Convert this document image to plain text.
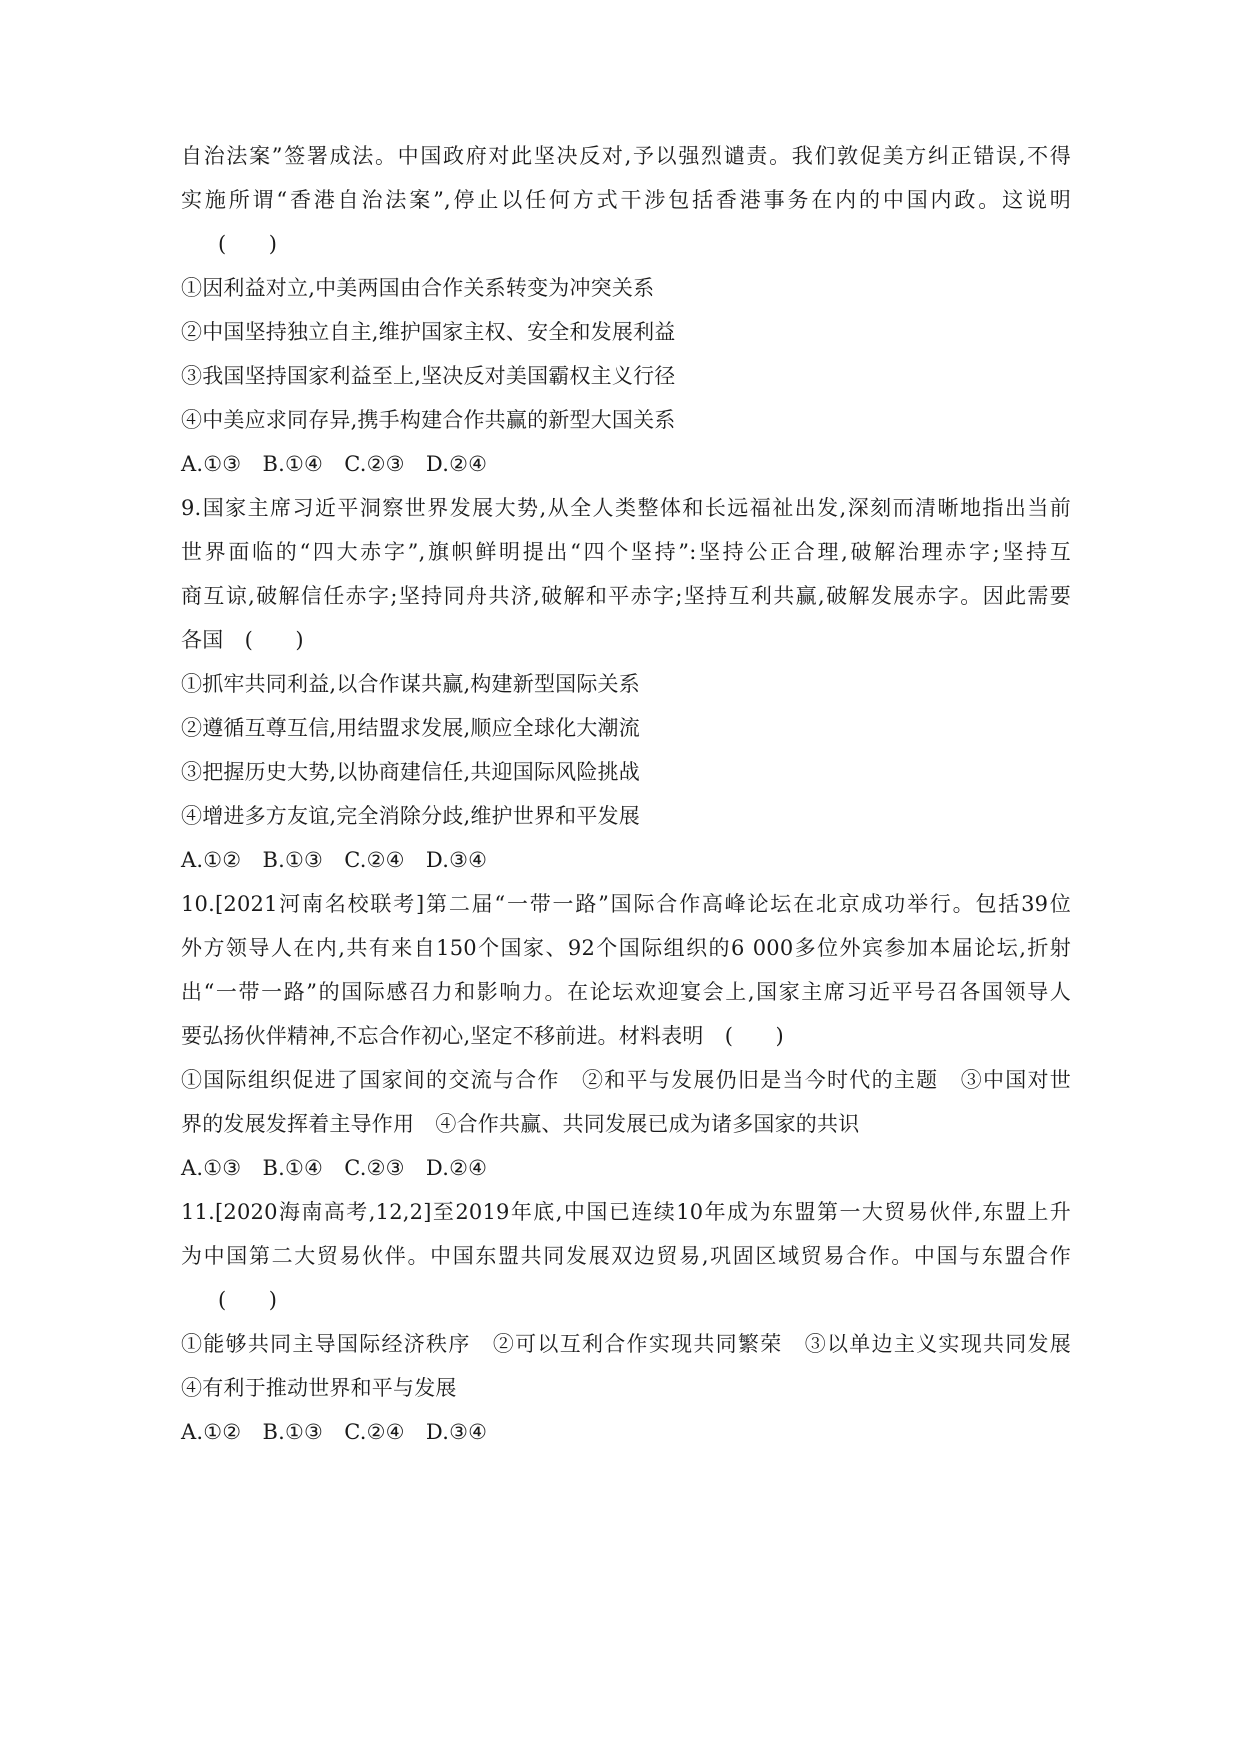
自治法案”签署成法。中国政府对此坚决反对,予以强烈谴责。我们敦促美方纠正错误,不得
实施所谓“香港自治法案”,停止以任何方式干涉包括香港事务在内的中国内政。这说明
(　　)
①因利益对立,中美两国由合作关系转变为冲突关系
②中国坚持独立自主,维护国家主权、安全和发展利益
③我国坚持国家利益至上,坚决反对美国霸权主义行径
④中美应求同存异,携手构建合作共赢的新型大国关系
A.①③　B.①④　C.②③　D.②④
9.国家主席习近平洞察世界发展大势,从全人类整体和长远福祉出发,深刻而清晰地指出当前
世界面临的“四大赤字”,旗帜鲜明提出“四个坚持”:坚持公正合理,破解治理赤字;坚持互
商互谅,破解信任赤字;坚持同舟共济,破解和平赤字;坚持互利共赢,破解发展赤字。因此需要
各国　(　　)
①抓牢共同利益,以合作谋共赢,构建新型国际关系
②遵循互尊互信,用结盟求发展,顺应全球化大潮流
③把握历史大势,以协商建信任,共迎国际风险挑战
④增进多方友谊,完全消除分歧,维护世界和平发展
A.①②　B.①③　C.②④　D.③④
10.[2021河南名校联考]第二届“一带一路”国际合作高峰论坛在北京成功举行。包括39位
外方领导人在内,共有来自150个国家、92个国际组织的6 000多位外宾参加本届论坛,折射
出“一带一路”的国际感召力和影响力。在论坛欢迎宴会上,国家主席习近平号召各国领导人
要弘扬伙伴精神,不忘合作初心,坚定不移前进。材料表明　(　　)
①国际组织促进了国家间的交流与合作　②和平与发展仍旧是当今时代的主题　③中国对世
界的发展发挥着主导作用　④合作共赢、共同发展已成为诸多国家的共识
A.①③　B.①④　C.②③　D.②④
11.[2020海南高考,12,2]至2019年底,中国已连续10年成为东盟第一大贸易伙伴,东盟上升
为中国第二大贸易伙伴。中国东盟共同发展双边贸易,巩固区域贸易合作。中国与东盟合作
(　　)
①能够共同主导国际经济秩序　②可以互利合作实现共同繁荣　③以单边主义实现共同发展
④有利于推动世界和平与发展
A.①②　B.①③　C.②④　D.③④
